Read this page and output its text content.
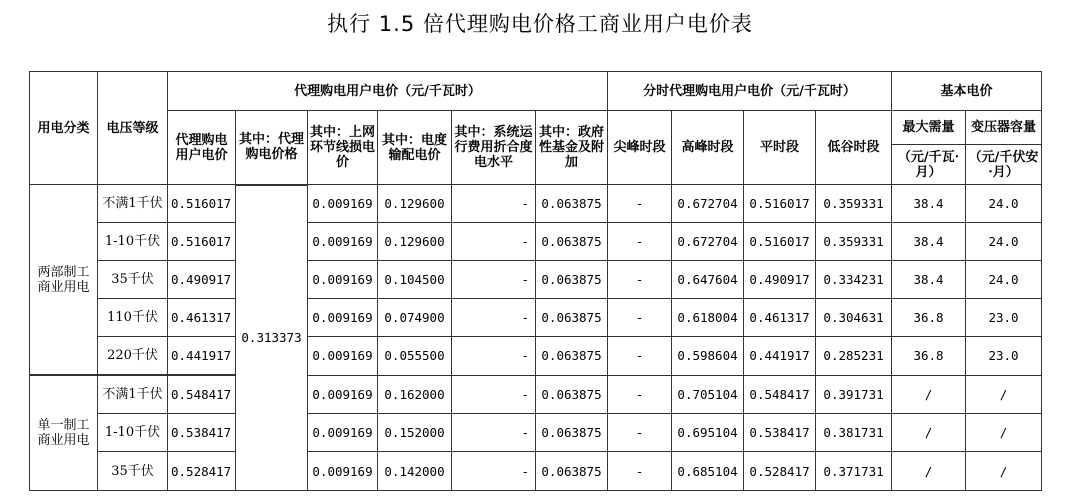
执行 1.5 倍代理购电价格工商业用户电价表
用电分类	电压等级	代理购电用户电价（元/千瓦时）						分时代理购电用户电价（元/千瓦时）				基本电价	
		代理购电用户电价	其中：代理购电价格	其中：上网环节线损电价	其中：电度输配电价	其中：系统运行费用折合度电水平	其中：政府性基金及附加	尖峰时段	高峰时段	平时段	低谷时段	最大需量	变压器容量
												（元/千瓦·月）	（元/千伏安·月）
两部制工商业用电	不满1千伏	0.516017	0.313373	0.009169	0.129600	-	0.063875	-	0.672704	0.516017	0.359331	38.4	24.0
	1-10千伏	0.516017		0.009169	0.129600	-	0.063875	-	0.672704	0.516017	0.359331	38.4	24.0
	35千伏	0.490917		0.009169	0.104500	-	0.063875	-	0.647604	0.490917	0.334231	38.4	24.0
	110千伏	0.461317		0.009169	0.074900	-	0.063875	-	0.618004	0.461317	0.304631	36.8	23.0
	220千伏	0.441917		0.009169	0.055500	-	0.063875	-	0.598604	0.441917	0.285231	36.8	23.0
单一制工商业用电	不满1千伏	0.548417		0.009169	0.162000	-	0.063875	-	0.705104	0.548417	0.391731	/	/
	1-10千伏	0.538417		0.009169	0.152000	-	0.063875	-	0.695104	0.538417	0.381731	/	/
	35千伏	0.528417		0.009169	0.142000	-	0.063875	-	0.685104	0.528417	0.371731	/	/
